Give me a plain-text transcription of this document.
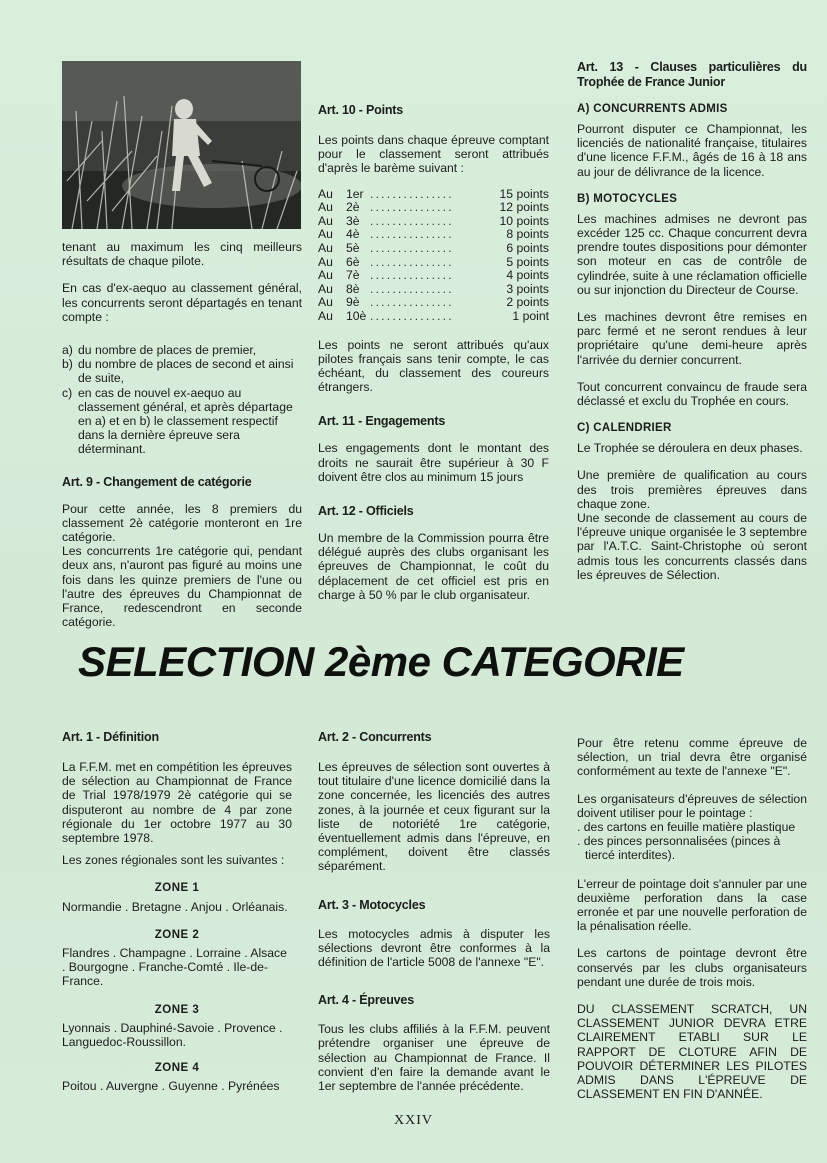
tenant au maximum les cinq meilleurs résultats de chaque pilote.

En cas d'ex-aequo au classement général, les concurrents seront départagés en tenant compte :

a) du nombre de places de premier,
b) du nombre de places de second et ainsi de suite,
c) en cas de nouvel ex-aequo au classement général, et après départage en a) et en b) le classement respectif dans la dernière épreuve sera déterminant.
Art. 9 - Changement de catégorie

Pour cette année, les 8 premiers du classement 2è catégorie monteront en 1re catégorie.

Les concurrents 1re catégorie qui, pendant deux ans, n'auront pas figuré au moins une fois dans les quinze premiers de l'une ou l'autre des épreuves du Championnat de France, redescendront en seconde catégorie.

Art. 10 - Points

Les points dans chaque épreuve comptant pour le classement seront attribués d'après le barème suivant :

Au	1er	...............	15 points
Au	2è	...............	12 points
Au	3è	...............	10 points
Au	4è	...............	8 points
Au	5è	...............	6 points
Au	6è	...............	5 points
Au	7è	...............	4 points
Au	8è	...............	3 points
Au	9è	...............	2 points
Au	10è	...............	1 point

Les points ne seront attribués qu'aux pilotes français sans tenir compte, le cas échéant, du classement des coureurs étrangers.

Art. 11 - Engagements

Les engagements dont le montant des droits ne saurait être supérieur à 30 F doivent être clos au minimum 15 jours

Art. 12 - Officiels

Un membre de la Commission pourra être délégué auprès des clubs organisant les épreuves de Championnat, le coût du déplacement de cet officiel est pris en charge à 50 % par le club organisateur.

Art. 13 - Clauses particulières du Trophée de France Junior
A) CONCURRENTS ADMIS

Pourront disputer ce Championnat, les licenciés de nationalité française, titulaires d'une licence F.F.M., âgés de 16 à 18 ans au jour de délivrance de la licence.

B) MOTOCYCLES

Les machines admises ne devront pas excéder 125 cc. Chaque concurrent devra prendre toutes dispositions pour démonter son moteur en cas de contrôle de cylindrée, suite à une réclamation officielle ou sur injonction du Directeur de Course.

Les machines devront être remises en parc fermé et ne seront rendues à leur propriétaire qu'une demi-heure après l'arrivée du dernier concurrent.

Tout concurrent convaincu de fraude sera déclassé et exclu du Trophée en cours.

C) CALENDRIER

Le Trophée se déroulera en deux phases.

Une première de qualification au cours des trois premières épreuves dans chaque zone.

Une seconde de classement au cours de l'épreuve unique organisée le 3 septembre par l'A.T.C. Saint-Christophe où seront admis tous les concurrents classés dans les épreuves de Sélection.

SELECTION 2ème CATEGORIE
Art. 1 - Définition

La F.F.M. met en compétition les épreuves de sélection au Championnat de France de Trial 1978/1979 2è catégorie qui se disputeront au nombre de 4 par zone régionale du 1er octobre 1977 au 30 septembre 1978.

Les zones régionales sont les suivantes :

ZONE 1

Normandie . Bretagne . Anjou . Orléanais.

ZONE 2

Flandres . Champagne . Lorraine . Alsace . Bourgogne . Franche-Comté . Ile-de-France.

ZONE 3

Lyonnais . Dauphiné-Savoie . Provence . Languedoc-Roussillon.

ZONE 4

Poitou . Auvergne . Guyenne . Pyrénées

Art. 2 - Concurrents

Les épreuves de sélection sont ouvertes à tout titulaire d'une licence domicilié dans la zone concernée, les licenciés des autres zones, à la journée et ceux figurant sur la liste de notoriété 1re catégorie, éventuellement admis dans l'épreuve, en complément, doivent être classés séparément.

Art. 3 - Motocycles

Les motocycles admis à disputer les sélections devront être conformes à la définition de l'article 5008 de l'annexe "E".

Art. 4 - Épreuves

Tous les clubs affiliés à la F.F.M. peuvent prétendre organiser une épreuve de sélection au Championnat de France. Il convient d'en faire la demande avant le 1er septembre de l'année précédente.

Pour être retenu comme épreuve de sélection, un trial devra être organisé conformément au texte de l'annexe "E".

Les organisateurs d'épreuves de sélection doivent utiliser pour le pointage :

. des cartons en feuille matière plastique
. des pinces personnalisées (pinces à tiercé interdites).

L'erreur de pointage doit s'annuler par une deuxième perforation dans la case erronée et par une nouvelle perforation de la pénalisation réelle.

Les cartons de pointage devront être conservés par les clubs organisateurs pendant une durée de trois mois.

DU CLASSEMENT SCRATCH, UN CLASSEMENT JUNIOR DEVRA ETRE CLAIREMENT ETABLI SUR LE RAPPORT DE CLOTURE AFIN DE POUVOIR DÉTERMINER LES PILOTES ADMIS DANS L'ÉPREUVE DE CLASSEMENT EN FIN D'ANNÉE.

XXIV
